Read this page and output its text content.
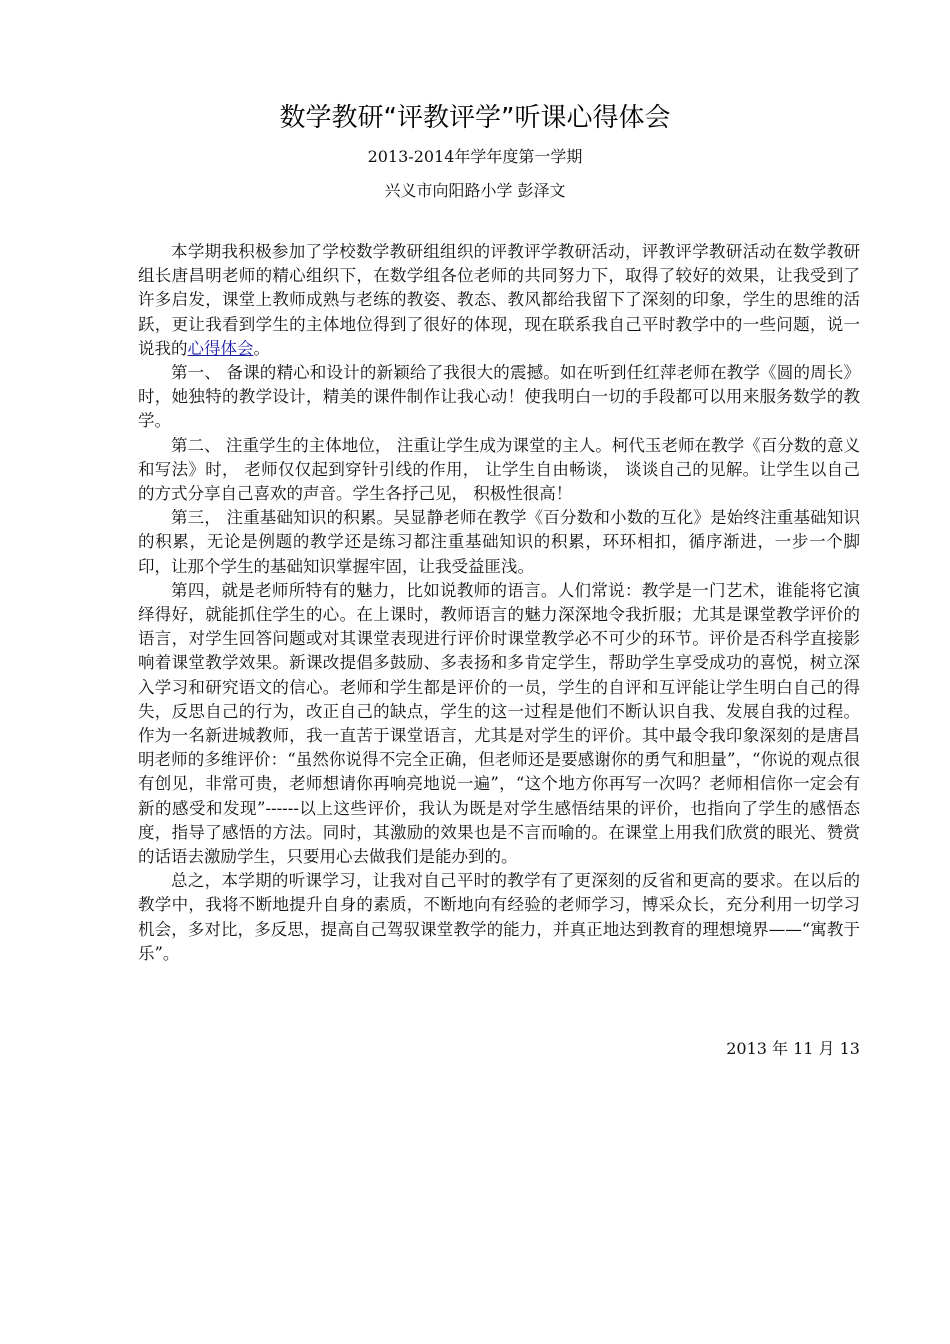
数学教研“评教评学”听课心得体会

2013-2014年学年度第一学期

兴义市向阳路小学 彭泽文

本学期我积极参加了学校数学教研组组织的评教评学教研活动，评教评学教研活动在数学教研组长唐昌明老师的精心组织下，在数学组各位老师的共同努力下，取得了较好的效果，让我受到了许多启发，课堂上教师成熟与老练的教姿、教态、教风都给我留下了深刻的印象，学生的思维的活跃，更让我看到学生的主体地位得到了很好的体现，现在联系我自己平时教学中的一些问题，说一说我的心得体会。

第一、 备课的精心和设计的新颖给了我很大的震撼。如在听到任红萍老师在教学《圆的周长》时，她独特的教学设计，精美的课件制作让我心动！使我明白一切的手段都可以用来服务数学的教学。

第二、 注重学生的主体地位， 注重让学生成为课堂的主人。柯代玉老师在教学《百分数的意义和写法》时， 老师仅仅起到穿针引线的作用， 让学生自由畅谈， 谈谈自己的见解。让学生以自己的方式分享自己喜欢的声音。学生各抒己见， 积极性很高！

第三， 注重基础知识的积累。吴显静老师在教学《百分数和小数的互化》是始终注重基础知识的积累，无论是例题的教学还是练习都注重基础知识的积累，环环相扣，循序渐进，一步一个脚印，让那个学生的基础知识掌握牢固，让我受益匪浅。

第四，就是老师所特有的魅力，比如说教师的语言。人们常说：教学是一门艺术，谁能将它演绎得好，就能抓住学生的心。在上课时，教师语言的魅力深深地令我折服；尤其是课堂教学评价的语言，对学生回答问题或对其课堂表现进行评价时课堂教学必不可少的环节。评价是否科学直接影响着课堂教学效果。新课改提倡多鼓励、多表扬和多肯定学生，帮助学生享受成功的喜悦，树立深入学习和研究语文的信心。老师和学生都是评价的一员，学生的自评和互评能让学生明白自己的得失，反思自己的行为，改正自己的缺点，学生的这一过程是他们不断认识自我、发展自我的过程。作为一名新进城教师，我一直苦于课堂语言，尤其是对学生的评价。其中最令我印象深刻的是唐昌明老师的多维评价：“虽然你说得不完全正确，但老师还是要感谢你的勇气和胆量”，“你说的观点很有创见，非常可贵，老师想请你再响亮地说一遍”，“这个地方你再写一次吗？老师相信你一定会有新的感受和发现”------以上这些评价，我认为既是对学生感悟结果的评价，也指向了学生的感悟态度，指导了感悟的方法。同时，其激励的效果也是不言而喻的。在课堂上用我们欣赏的眼光、赞赏的话语去激励学生，只要用心去做我们是能办到的。

总之，本学期的听课学习，让我对自己平时的教学有了更深刻的反省和更高的要求。在以后的教学中，我将不断地提升自身的素质，不断地向有经验的老师学习，博采众长，充分利用一切学习机会，多对比，多反思，提高自己驾驭课堂教学的能力，并真正地达到教育的理想境界——“寓教于乐”。

2013 年 11 月 13
